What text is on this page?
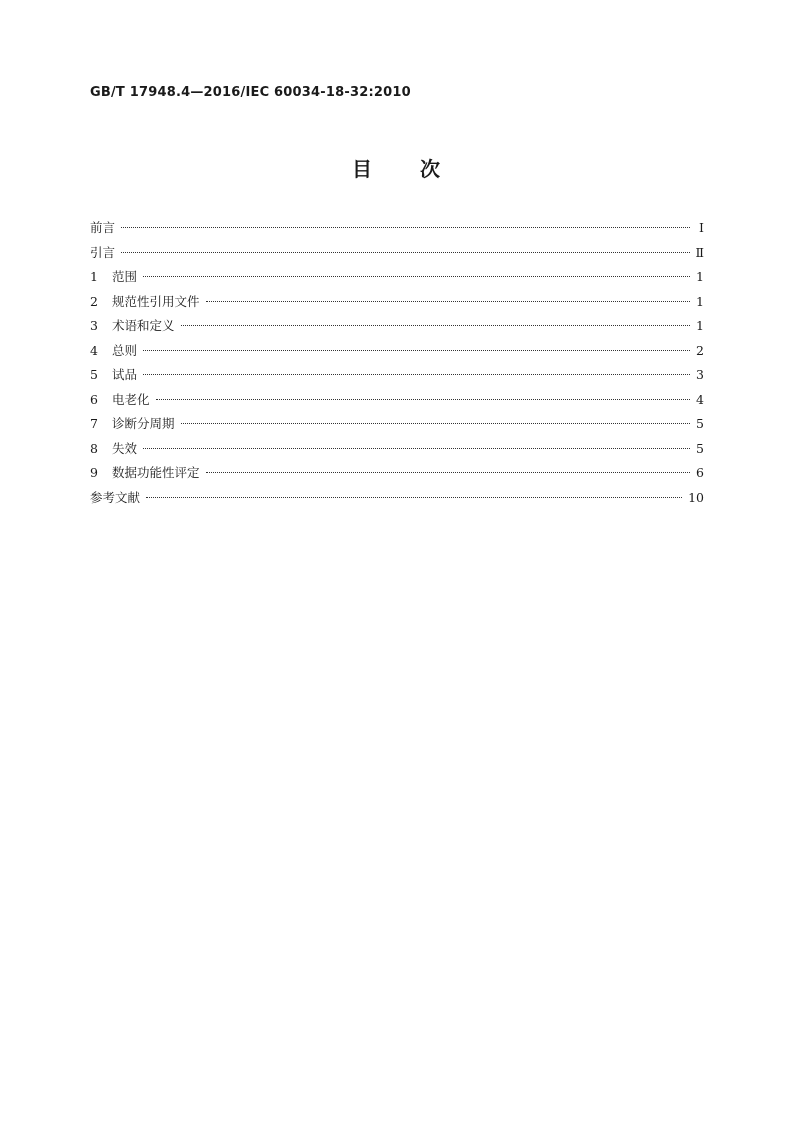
GB/T 17948.4—2016/IEC 60034-18-32:2010
目 次
前言	Ⅰ
引言	Ⅱ
1	范围	1
2	规范性引用文件	1
3	术语和定义	1
4	总则	2
5	试品	3
6	电老化	4
7	诊断分周期	5
8	失效	5
9	数据功能性评定	6
参考文献	10
